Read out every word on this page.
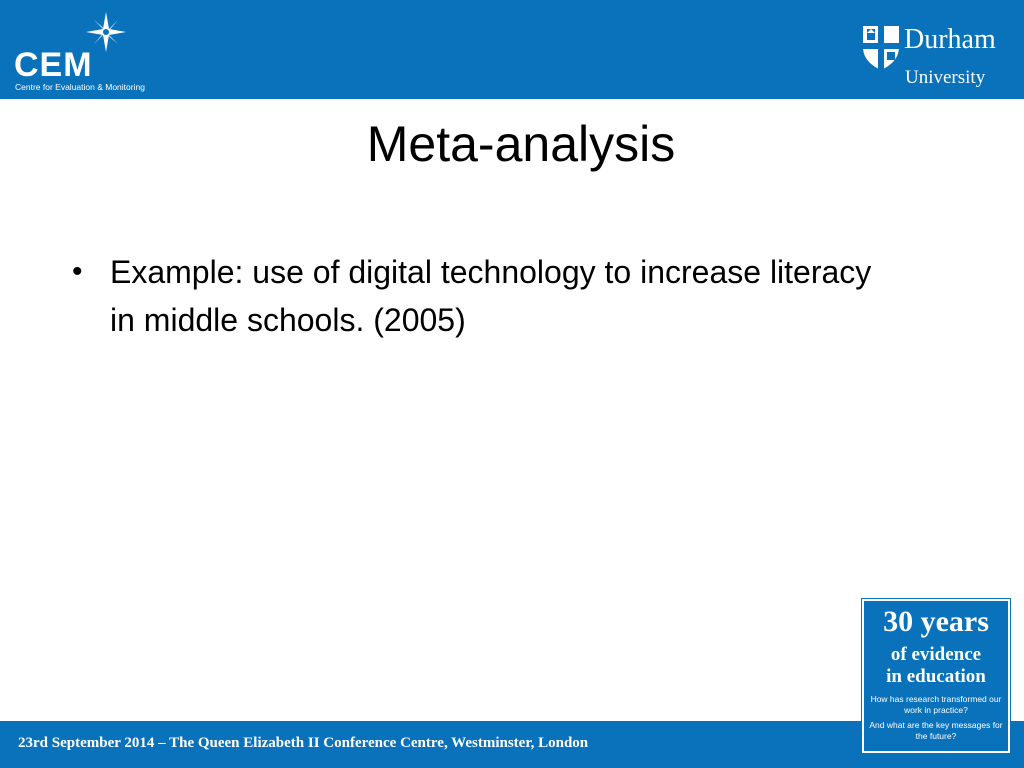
CEM
Centre for Evaluation & Monitoring
Durham
University
Meta-analysis
• Example: use of digital technology to increase literacy in middle schools. (2005)
23rd September 2014 – The Queen Elizabeth II Conference Centre, Westminster, London
30 years
of evidence
in education
How has research transformed our work in practice?
And what are the key messages for the future?
